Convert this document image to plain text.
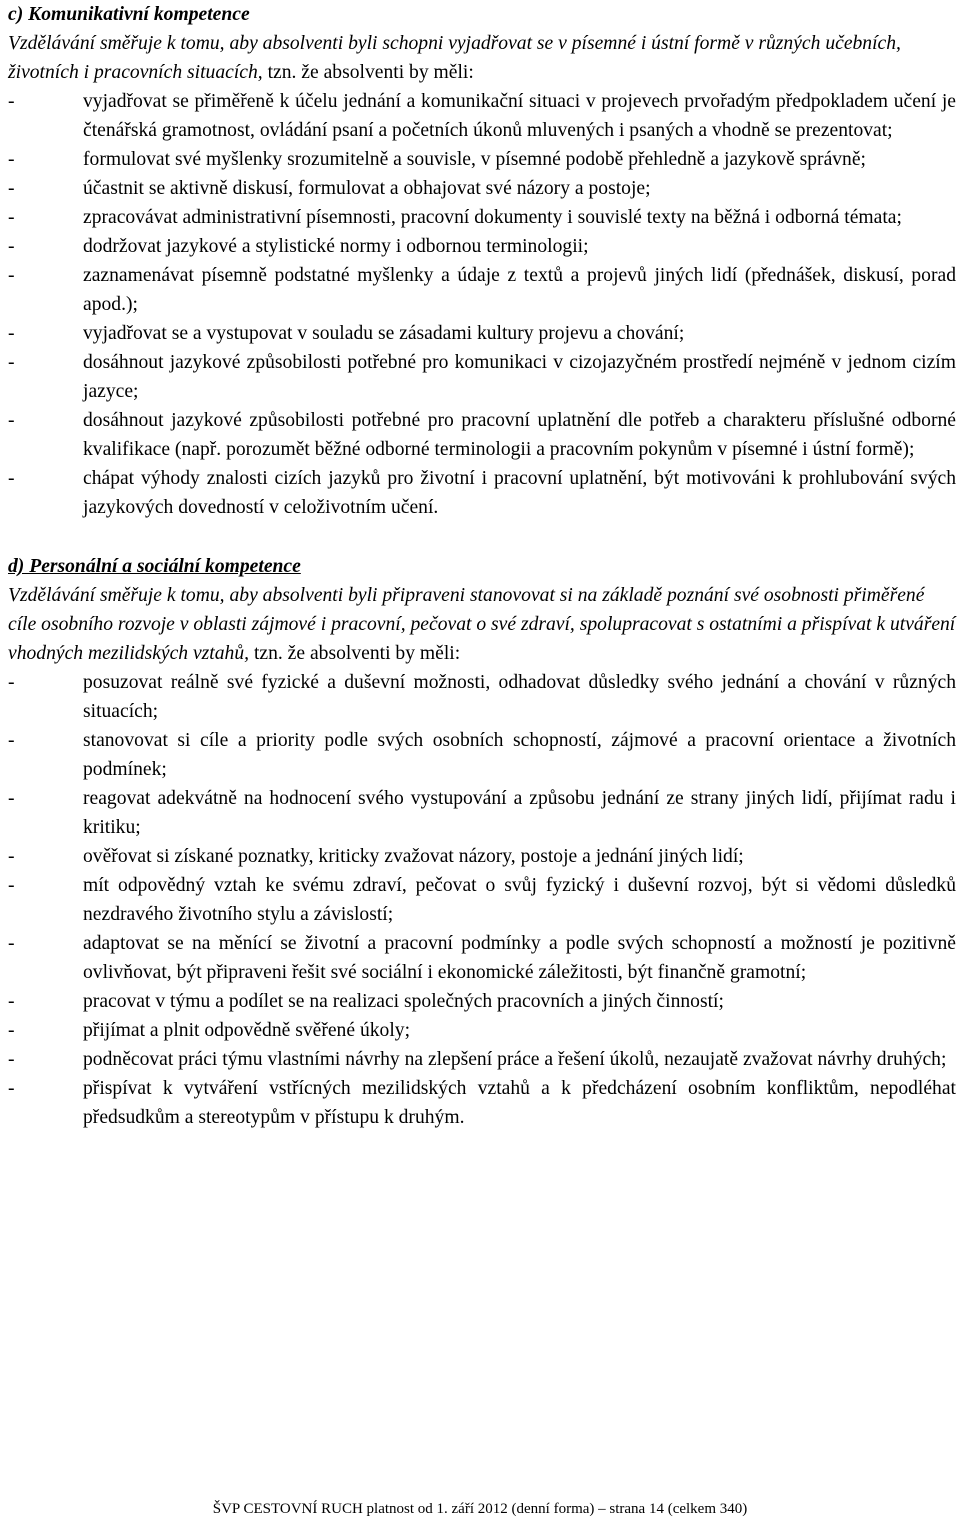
c) Komunikativní kompetence

Vzdělávání směřuje k tomu, aby absolventi byli schopni vyjadřovat se v písemné i ústní formě v různých učebních, životních i pracovních situacích, tzn. že absolventi by měli:

-	vyjadřovat se přiměřeně k účelu jednání a komunikační situaci v projevech prvořadým předpokladem učení je čtenářská gramotnost, ovládání psaní a početních úkonů mluvených i psaných a vhodně se prezentovat;
-	formulovat své myšlenky srozumitelně a souvisle, v písemné podobě přehledně a jazykově správně;
-	účastnit se aktivně diskusí, formulovat a obhajovat své názory a postoje;
-	zpracovávat administrativní písemnosti, pracovní dokumenty i souvislé texty na běžná i odborná témata;
-	dodržovat jazykové a stylistické normy i odbornou terminologii;
-	zaznamenávat písemně podstatné myšlenky a údaje z textů a projevů jiných lidí (přednášek, diskusí, porad apod.);
-	vyjadřovat se a vystupovat v souladu se zásadami kultury projevu a chování;
-	dosáhnout jazykové způsobilosti potřebné pro komunikaci v cizojazyčném prostředí nejméně v jednom cizím jazyce;
-	dosáhnout jazykové způsobilosti potřebné pro pracovní uplatnění dle potřeb a charakteru příslušné odborné kvalifikace (např. porozumět běžné odborné terminologii a pracovním pokynům v písemné i ústní formě);
-	chápat výhody znalosti cizích jazyků pro životní i pracovní uplatnění, být motivováni k prohlubování svých jazykových dovedností v celoživotním učení.

d) Personální a sociální kompetence

Vzdělávání směřuje k tomu, aby absolventi byli připraveni stanovovat si na základě poznání své osobnosti přiměřené cíle osobního rozvoje v oblasti zájmové i pracovní, pečovat o své zdraví, spolupracovat s ostatními a přispívat k utváření vhodných mezilidských vztahů, tzn. že absolventi by měli:

-	posuzovat reálně své fyzické a duševní možnosti, odhadovat důsledky svého jednání a chování v různých situacích;
-	stanovovat si cíle a priority podle svých osobních schopností, zájmové a pracovní orientace a životních podmínek;
-	reagovat adekvátně na hodnocení svého vystupování a způsobu jednání ze strany jiných lidí, přijímat radu i kritiku;
-	ověřovat si získané poznatky, kriticky zvažovat názory, postoje a jednání jiných lidí;
-	mít odpovědný vztah ke svému zdraví, pečovat o svůj fyzický i duševní rozvoj, být si vědomi důsledků nezdravého životního stylu a závislostí;
-	adaptovat se na měnící se životní a pracovní podmínky a podle svých schopností a možností je pozitivně ovlivňovat, být připraveni řešit své sociální i ekonomické záležitosti, být finančně gramotní;
-	pracovat v týmu a podílet se na realizaci společných pracovních a jiných činností;
-	přijímat a plnit odpovědně svěřené úkoly;
-	podněcovat práci týmu vlastními návrhy na zlepšení práce a řešení úkolů, nezaujatě zvažovat návrhy druhých;
-	přispívat k vytváření vstřícných mezilidských vztahů a k předcházení osobním konfliktům, nepodléhat předsudkům a stereotypům v přístupu k druhým.
ŠVP CESTOVNÍ RUCH platnost od 1. září 2012 (denní forma) – strana 14 (celkem 340)
